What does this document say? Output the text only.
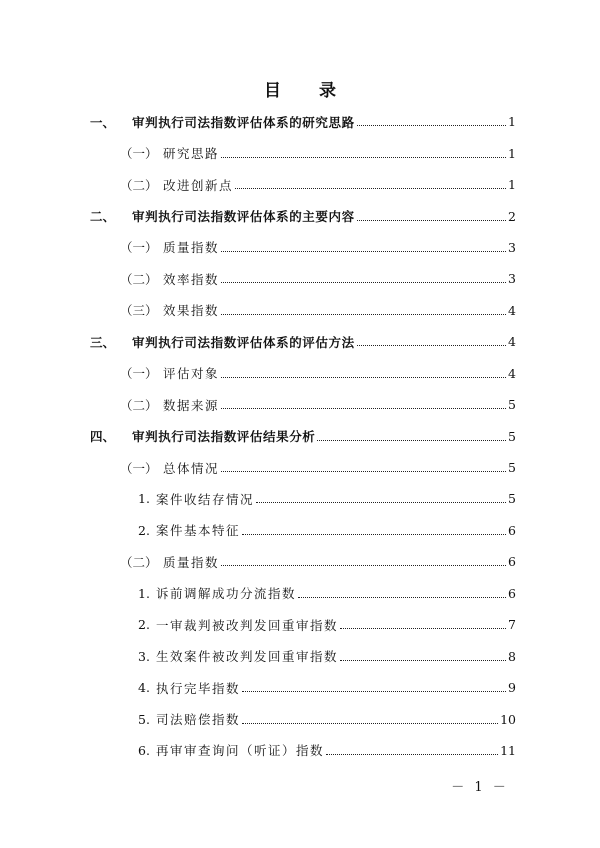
目 录
一、	审判执行司法指数评估体系的研究思路	1
（一） 研究思路	1
（二） 改进创新点	1
二、	审判执行司法指数评估体系的主要内容	2
（一） 质量指数	3
（二） 效率指数	3
（三） 效果指数	4
三、	审判执行司法指数评估体系的评估方法	4
（一） 评估对象	4
（二） 数据来源	5
四、	审判执行司法指数评估结果分析	5
（一） 总体情况	5
1. 案件收结存情况	5
2. 案件基本特征	6
（二） 质量指数	6
1. 诉前调解成功分流指数	6
2. 一审裁判被改判发回重审指数	7
3. 生效案件被改判发回重审指数	8
4. 执行完毕指数	9
5. 司法赔偿指数	10
6. 再审审查询问（听证）指数	11
－ 1 －
